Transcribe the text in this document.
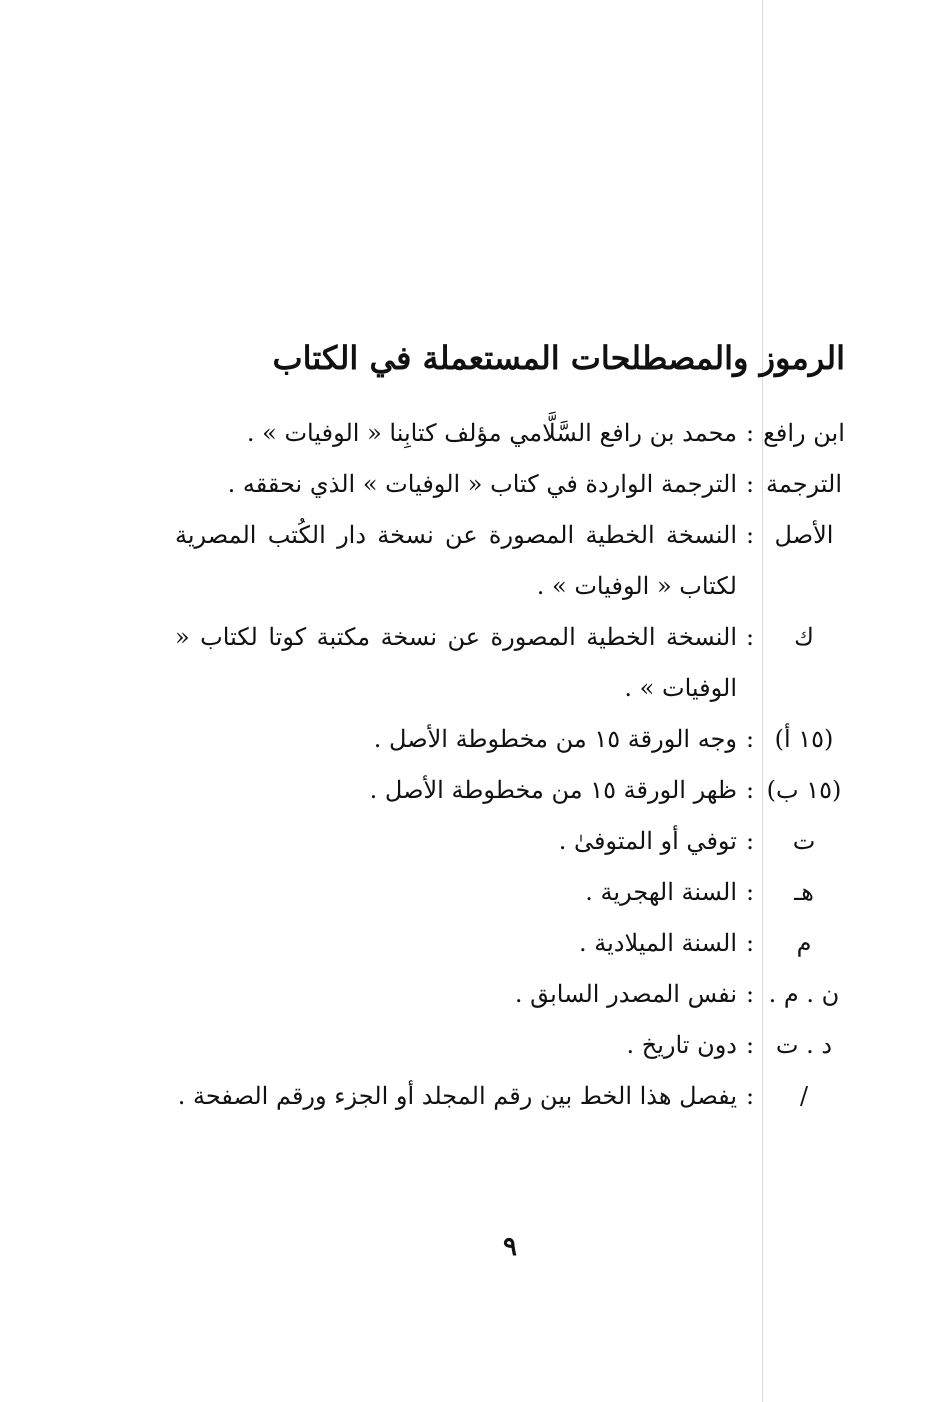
الرموز والمصطلحات المستعملة في الكتاب
ابن رافع
:
محمد بن رافع السَّلَّامي مؤلف كتابِنا « الوفيات » .
الترجمة
:
الترجمة الواردة في كتاب « الوفيات » الذي نحققه .
الأصل
:
النسخة الخطية المصورة عن نسخة دار الكُتب المصرية لكتاب « الوفيات » .
ك
:
النسخة الخطية المصورة عن نسخة مكتبة كوتا لكتاب « الوفيات » .
(١٥ أ)
:
وجه الورقة ١٥ من مخطوطة الأصل .
(١٥ ب)
:
ظهر الورقة ١٥ من مخطوطة الأصل .
ت
:
توفي أو المتوفىٰ .
هـ
:
السنة الهجرية .
م
:
السنة الميلادية .
ن . م .
:
نفس المصدر السابق .
د . ت
:
دون تاريخ .
/
:
يفصل هذا الخط بين رقم المجلد أو الجزء ورقم الصفحة .
٩
